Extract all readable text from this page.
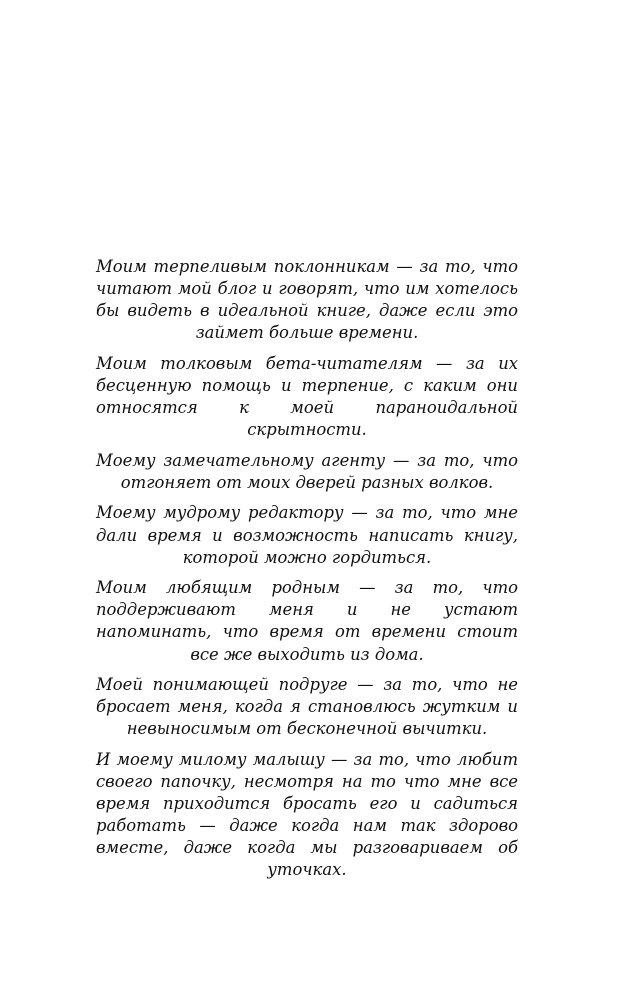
Моим терпеливым поклонникам — за то, что читают мой блог и говорят, что им хотелось бы видеть в идеальной книге, даже если это займет больше времени.

Моим толковым бета-читателям — за их бесценную помощь и терпение, с каким они относятся к моей параноидальной скрытности.

Моему замечательному агенту — за то, что отгоняет от моих дверей разных волков.

Моему мудрому редактору — за то, что мне дали время и возможность написать книгу, которой можно гордиться.

Моим любящим родным — за то, что поддерживают меня и не устают напоминать, что время от времени стоит все же выходить из дома.

Моей понимающей подруге — за то, что не бросает меня, когда я становлюсь жутким и невыносимым от бесконечной вычитки.

И моему милому малышу — за то, что любит своего папочку, несмотря на то что мне все время приходится бросать его и садиться работать — даже когда нам так здорово вместе, даже когда мы разговариваем об уточках.
